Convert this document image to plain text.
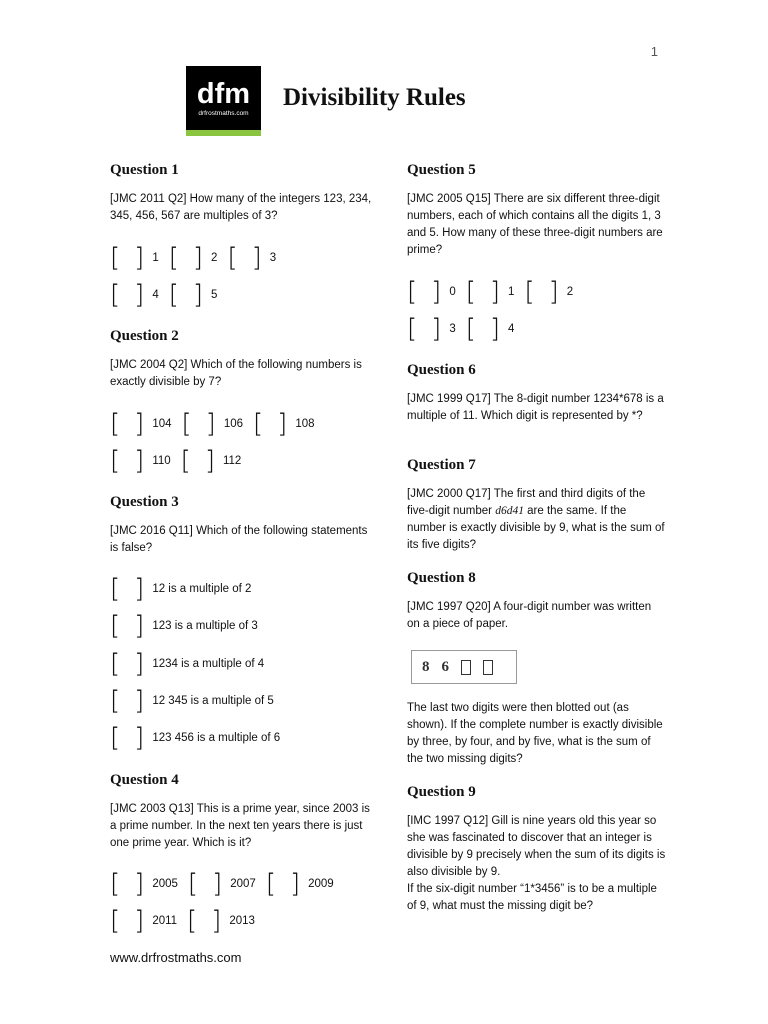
1
dfm
drfrostmaths.com
Divisibility Rules
Question 1
[JMC 2011 Q2] How many of the integers 123, 234, 345, 456, 567 are multiples of 3?
[ ] 1 [ ] 2 [ ] 3
[ ] 4 [ ] 5
Question 2
[JMC 2004 Q2] Which of the following numbers is exactly divisible by 7?
[ ] 104 [ ] 106 [ ] 108
[ ] 110 [ ] 112
Question 3
[JMC 2016 Q11] Which of the following statements is false?
[ ] 12 is a multiple of 2
[ ] 123 is a multiple of 3
[ ] 1234 is a multiple of 4
[ ] 12 345 is a multiple of 5
[ ] 123 456 is a multiple of 6
Question 4
[JMC 2003 Q13] This is a prime year, since 2003 is a prime number. In the next ten years there is just one prime year. Which is it?
[ ] 2005 [ ] 2007 [ ] 2009
[ ] 2011 [ ] 2013
Question 5
[JMC 2005 Q15] There are six different three-digit numbers, each of which contains all the digits 1, 3 and 5. How many of these three-digit numbers are prime?
[ ] 0 [ ] 1 [ ] 2
[ ] 3 [ ] 4
Question 6
[JMC 1999 Q17] The 8-digit number 1234*678 is a multiple of 11. Which digit is represented by *?
Question 7
[JMC 2000 Q17] The first and third digits of the five-digit number d6d41 are the same. If the number is exactly divisible by 9, what is the sum of its five digits?
Question 8
[JMC 1997 Q20] A four-digit number was written on a piece of paper.
8 6
The last two digits were then blotted out (as shown). If the complete number is exactly divisible by three, by four, and by five, what is the sum of the two missing digits?
Question 9
[IMC 1997 Q12] Gill is nine years old this year so she was fascinated to discover that an integer is divisible by 9 precisely when the sum of its digits is also divisible by 9.
If the six-digit number “1*3456” is to be a multiple of 9, what must the missing digit be?
www.drfrostmaths.com
